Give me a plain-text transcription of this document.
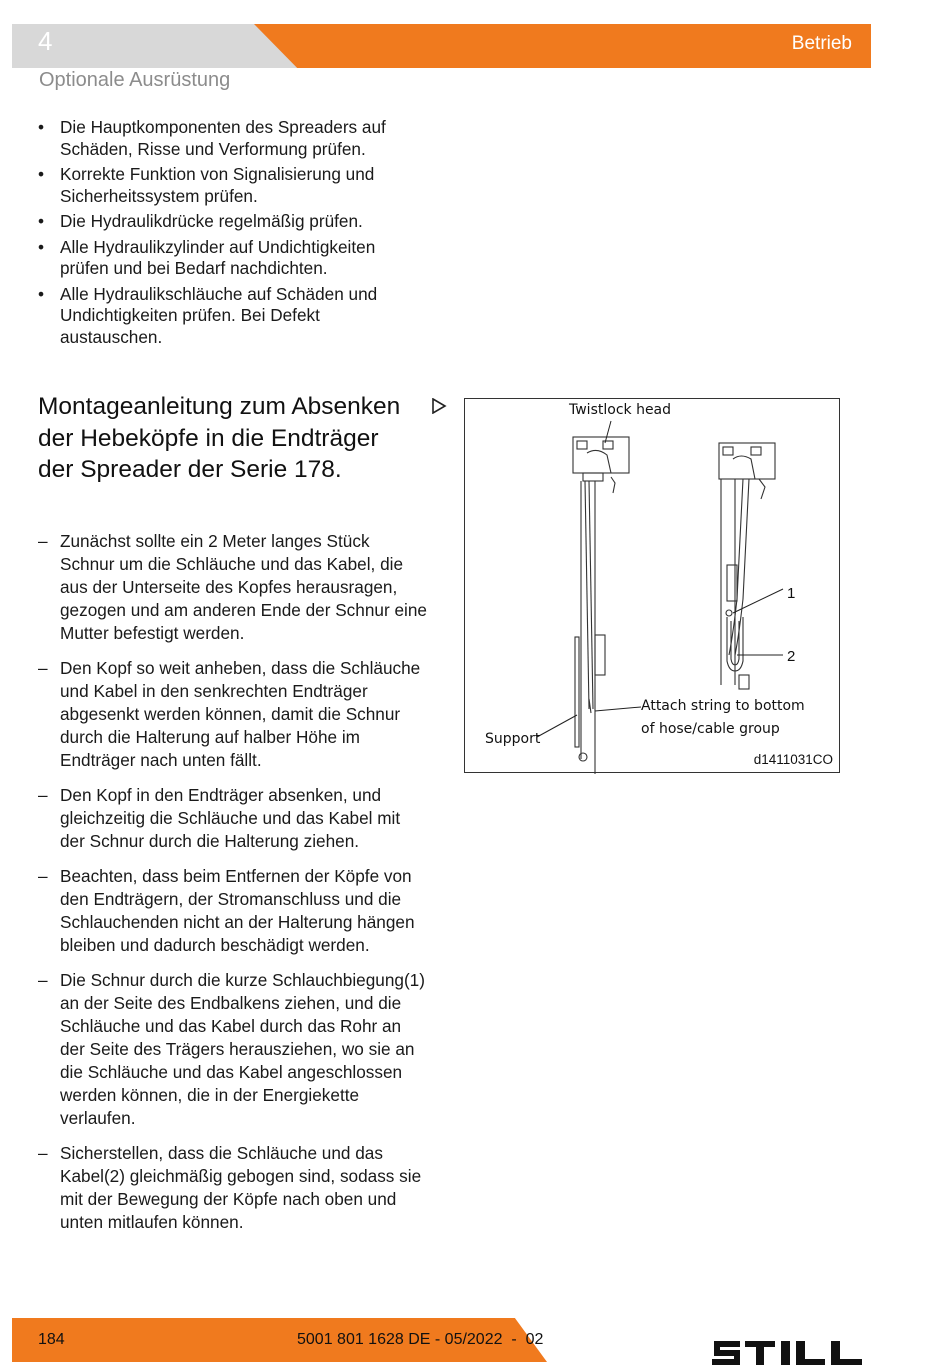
4	Betrieb
Optionale Ausrüstung
• Die Hauptkomponenten des Spreaders auf Schäden, Risse und Verformung prüfen.
• Korrekte Funktion von Signalisierung und Sicherheitssystem prüfen.
• Die Hydraulikdrücke regelmäßig prüfen.
• Alle Hydraulikzylinder auf Undichtigkeiten prüfen und bei Bedarf nachdichten.
• Alle Hydraulikschläuche auf Schäden und Undichtigkeiten prüfen. Bei Defekt austauschen.
Montageanleitung zum Absenken der Hebeköpfe in die Endträger der Spreader der Serie 178.
– Zunächst sollte ein 2 Meter langes Stück Schnur um die Schläuche und das Kabel, die aus der Unterseite des Kopfes herausragen, gezogen und am anderen Ende der Schnur eine Mutter befestigt werden.
– Den Kopf so weit anheben, dass die Schläuche und Kabel in den senkrechten Endträger abgesenkt werden können, damit die Schnur durch die Halterung auf halber Höhe im Endträger nach unten fällt.
– Den Kopf in den Endträger absenken, und gleichzeitig die Schläuche und das Kabel mit der Schnur durch die Halterung ziehen.
– Beachten, dass beim Entfernen der Köpfe von den Endträgern, der Stromanschluss und die Schlauchenden nicht an der Halterung hängen bleiben und dadurch beschädigt werden.
– Die Schnur durch die kurze Schlauchbiegung(1) an der Seite des Endbalkens ziehen, und die Schläuche und das Kabel durch das Rohr an der Seite des Trägers herausziehen, wo sie an die Schläuche und das Kabel angeschlossen werden können, die in der Energiekette verlaufen.
– Sicherstellen, dass die Schläuche und das Kabel(2) gleichmäßig gebogen sind, sodass sie mit der Bewegung der Köpfe nach oben und unten mitlaufen können.
Twistlock head
1
2
Attach string to bottom
of hose/cable group
Support
d1411031CO
184	5001 801 1628 DE - 05/2022  -  02
